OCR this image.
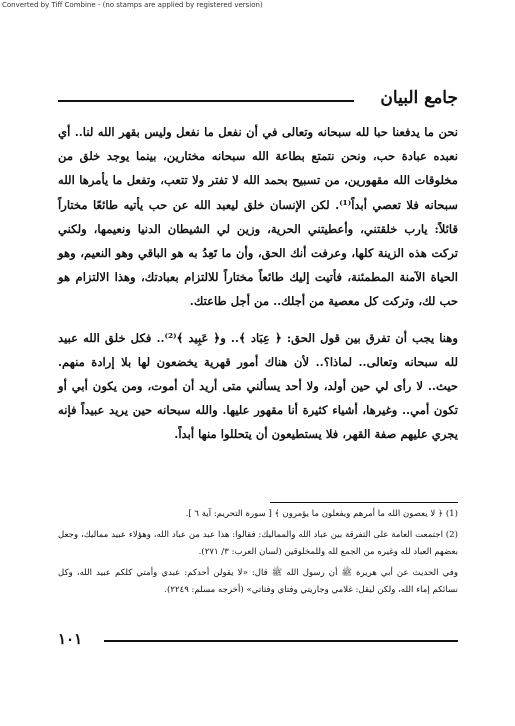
Converted by Tiff Combine - (no stamps are applied by registered version)
جامع البيان

نحن ما يدفعنا حبا لله سبحانه وتعالى في أن نفعل ما نفعل وليس بقهر الله لنا.. أي نعبده عبادة حب، ونحن نتمتع بطاعة الله سبحانه مختارين، بينما يوجد خلق من مخلوقات الله مقهورين، من تسبيح بحمد الله لا تفتر ولا تتعب، وتفعل ما يأمرها الله سبحانه فلا تعصي أبداً⁽¹⁾. لكن الإنسان خلق ليعبد الله عن حب يأتيه طائعًا مختاراً قائلاً: يارب خلقتني، وأعطيتني الحرية، وزين لي الشيطان الدنيا ونعيمها، ولكني تركت هذه الزينة كلها، وعرفت أنك الحق، وأن ما تَعِدُ به هو الباقي وهو النعيم، وهو الحياة الآمنة المطمئنة، فأتيت إليك طائعاً مختاراً للالتزام بعبادتك، وهذا الالتزام هو حب لك، وتركت كل معصية من أجلك.. من أجل طاعتك.

وهنا يجب أن تفرق بين قول الحق: ﴿ عِبَاد ﴾.. و﴿ عَبِيد ﴾⁽²⁾.. فكل خلق الله عبيد لله سبحانه وتعالى.. لماذا؟.. لأن هناك أمور قهرية يخضعون لها بلا إرادة منهم. حيث.. لا رأى لي حين أولد، ولا أحد يسألني متى أريد أن أموت، ومن يكون أبي أو تكون أمي.. وغيرها، أشياء كثيرة أنا مقهور عليها. والله سبحانه حين يريد عبيداً فإنه يجري عليهم صفة القهر، فلا يستطيعون أن يتحللوا منها أبداً.

(1) ﴿ لا يعصون الله ما أمرهم ويفعلون ما يؤمرون ﴾ [ سورة التحريم: آية ٦ ].

(2) اجتمعت العامة على التفرقة بين عباد الله والمماليك: فقالوا: هذا عبد من عباد الله، وهؤلاء عبيد مماليك، وجعل بعضهم العباد لله وغيره من الجمع لله وللمخلوقين (لسان العرب: ٣/ ٢٧١).

وفي الحديث عن أبي هريرة ﷺ أن رسول الله ﷺ قال: «لا يقولن أحدكم: عبدي وأمتي كلكم عبيد الله، وكل نسائكم إماء الله، ولكن ليقل: غلامي وجاريتي وفتاي وفتاتي» (أخرجه مسلم: ٢٢٤٩).

١٠١
